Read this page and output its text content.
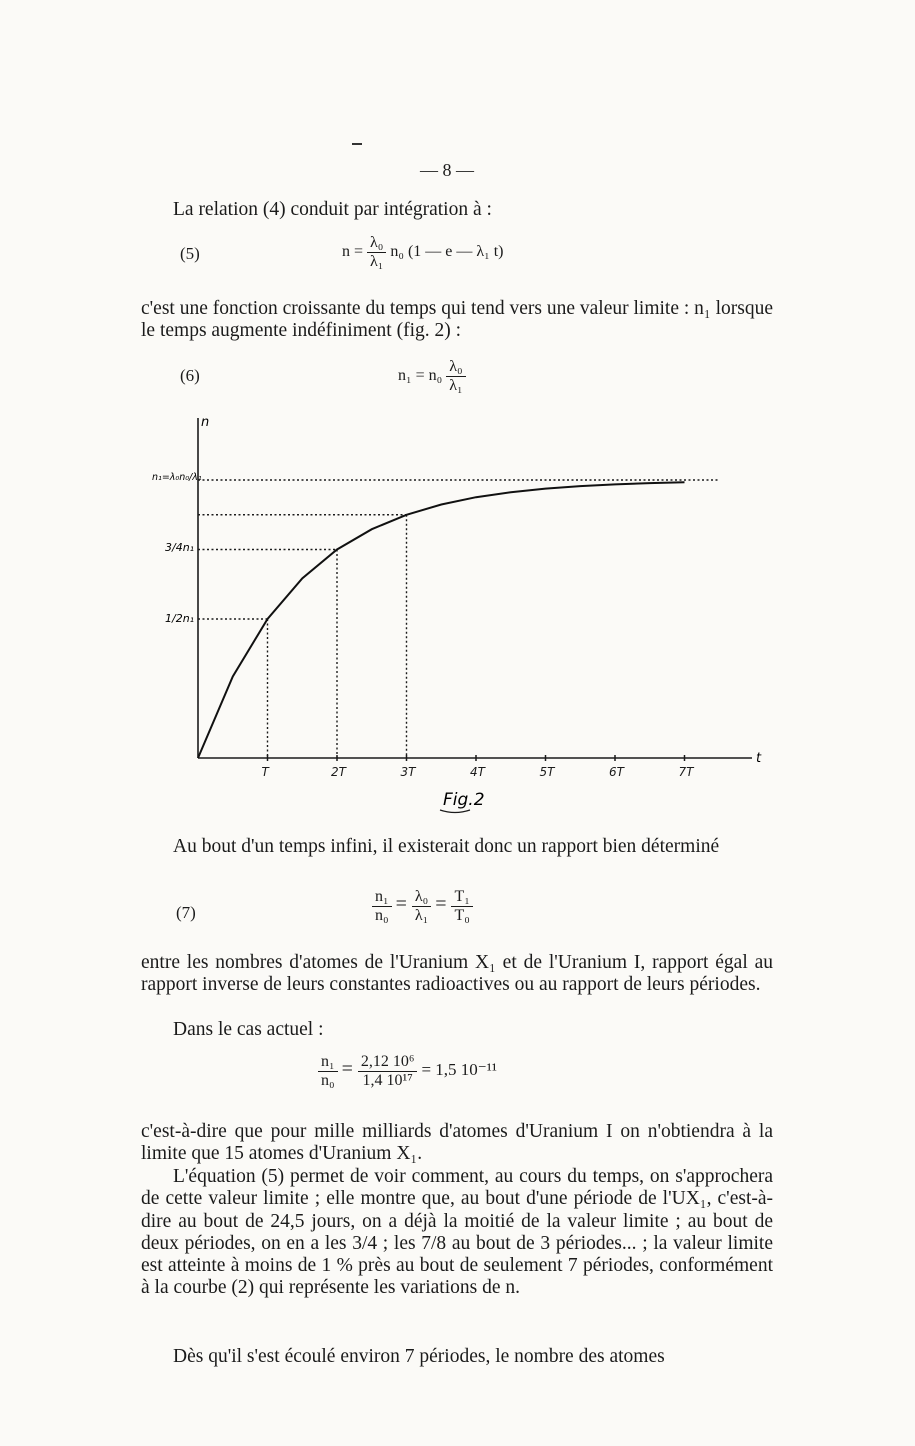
— 8 —
La relation (4) conduit par intégration à :
(5)	$n = \frac{\text{λ₀}}{\text{λ₁}} n_0$ (1 — e — λ₁ t)
c'est une fonction croissante du temps qui tend vers une valeur limite : n₁ lorsque le temps augmente indéfiniment (fig. 2) :
(6)	$n_1 = n_0 \frac{\text{λ₀}}{\text{λ₁}}$
T	2T	3T	4T	5T	6T	7T
n
t
n₁=λ₀n₀/λ₁
3/4n₁
1/2n₁
Fig.2
Au bout d'un temps infini, il existerait donc un rapport bien déterminé
(7)	$\frac{\text{n₁}}{\text{n₀}} = \frac{\text{λ₀}}{\text{λ₁}} = \frac{\text{T₁}}{\text{T₀}}$
entre les nombres d'atomes de l'Uranium X₁ et de l'Uranium I, rapport égal au rapport inverse de leurs constantes radioactives ou au rapport de leurs périodes.
Dans le cas actuel :
$\frac{\text{n₁}}{\text{n₀}} = \frac{\text{2,12 10⁶}}{\text{1,4 10¹⁷}} = 1,5$ 10⁻¹¹
c'est-à-dire que pour mille milliards d'atomes d'Uranium I on n'obtiendra à la limite que 15 atomes d'Uranium X₁.
L'équation (5) permet de voir comment, au cours du temps, on s'approchera de cette valeur limite ; elle montre que, au bout d'une période de l'UX₁, c'est-à-dire au bout de 24,5 jours, on a déjà la moitié de la valeur limite ; au bout de deux périodes, on en a les 3/4 ; les 7/8 au bout de 3 périodes... ; la valeur limite est atteinte à moins de 1 % près au bout de seulement 7 périodes, conformément à la courbe (2) qui représente les variations de n.
Dès qu'il s'est écoulé environ 7 périodes, le nombre des atomes
